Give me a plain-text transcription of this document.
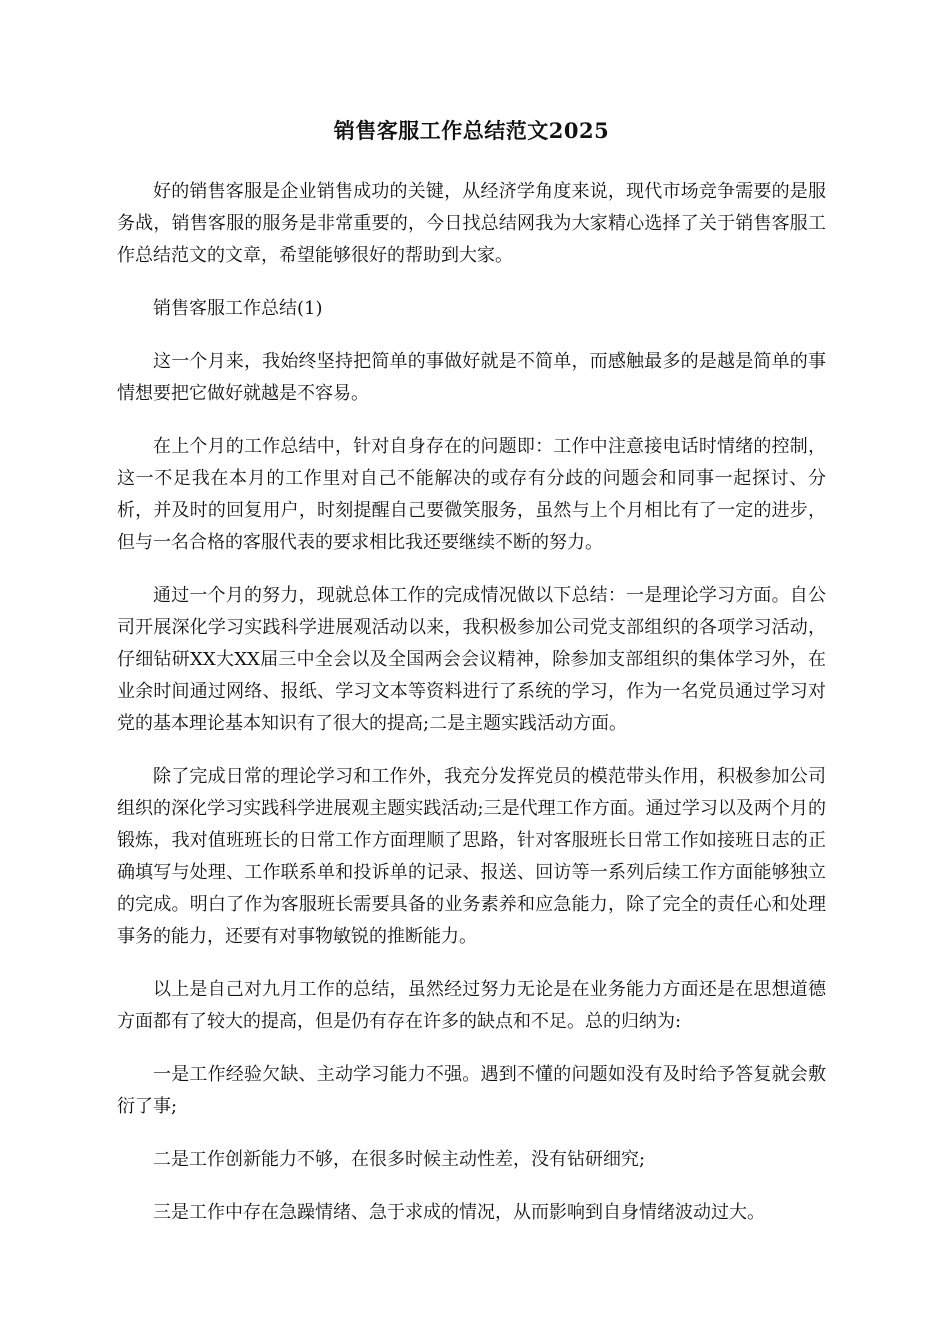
销售客服工作总结范文2025

好的销售客服是企业销售成功的关键，从经济学角度来说，现代市场竞争需要的是服务战，销售客服的服务是非常重要的，今日找总结网我为大家精心选择了关于销售客服工作总结范文的文章，希望能够很好的帮助到大家。

销售客服工作总结(1)

这一个月来，我始终坚持把简单的事做好就是不简单，而感触最多的是越是简单的事情想要把它做好就越是不容易。

在上个月的工作总结中，针对自身存在的问题即：工作中注意接电话时情绪的控制，这一不足我在本月的工作里对自己不能解决的或存有分歧的问题会和同事一起探讨、分析，并及时的回复用户，时刻提醒自己要微笑服务，虽然与上个月相比有了一定的进步，但与一名合格的客服代表的要求相比我还要继续不断的努力。

通过一个月的努力，现就总体工作的完成情况做以下总结：一是理论学习方面。自公司开展深化学习实践科学进展观活动以来，我积极参加公司党支部组织的各项学习活动，仔细钻研XX大XX届三中全会以及全国两会会议精神，除参加支部组织的集体学习外，在业余时间通过网络、报纸、学习文本等资料进行了系统的学习，作为一名党员通过学习对党的基本理论基本知识有了很大的提高;二是主题实践活动方面。

除了完成日常的理论学习和工作外，我充分发挥党员的模范带头作用，积极参加公司组织的深化学习实践科学进展观主题实践活动;三是代理工作方面。通过学习以及两个月的锻炼，我对值班班长的日常工作方面理顺了思路，针对客服班长日常工作如接班日志的正确填写与处理、工作联系单和投诉单的记录、报送、回访等一系列后续工作方面能够独立的完成。明白了作为客服班长需要具备的业务素养和应急能力，除了完全的责任心和处理事务的能力，还要有对事物敏锐的推断能力。

以上是自己对九月工作的总结，虽然经过努力无论是在业务能力方面还是在思想道德方面都有了较大的提高，但是仍有存在许多的缺点和不足。总的归纳为:

一是工作经验欠缺、主动学习能力不强。遇到不懂的问题如没有及时给予答复就会敷衍了事;

二是工作创新能力不够，在很多时候主动性差，没有钻研细究;

三是工作中存在急躁情绪、急于求成的情况，从而影响到自身情绪波动过大。
